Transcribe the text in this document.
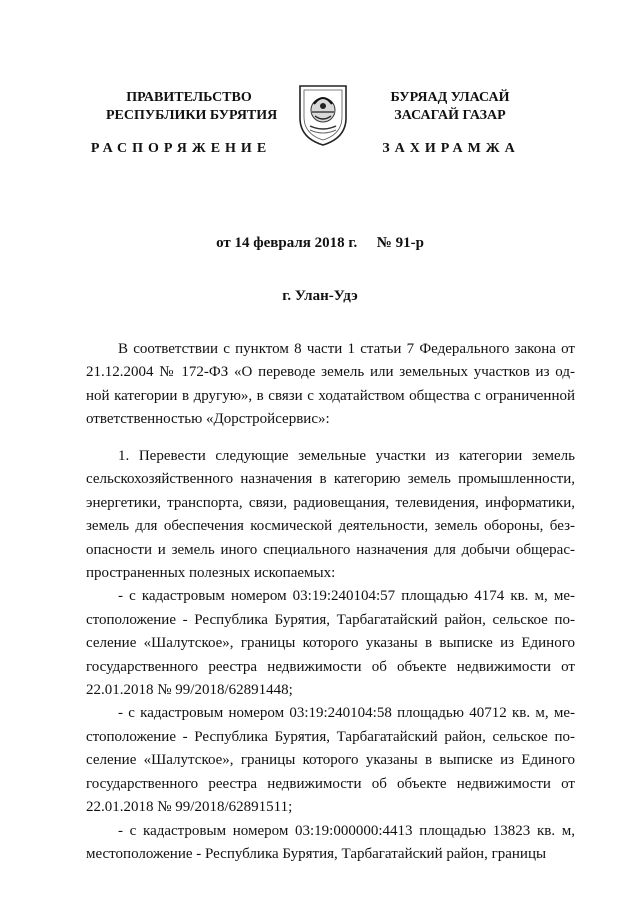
ПРАВИТЕЛЬСТВО
РЕСПУБЛИКИ БУРЯТИЯ
БУРЯАД УЛАСАЙ
ЗАСАГАЙ ГАЗАР
РАСПОРЯЖЕНИЕ	ЗАХИРАМЖА
от 14 февраля 2018 г. № 91-р
г. Улан-Удэ

В соответствии с пунктом 8 части 1 статьи 7 Федерального закона от 21.12.2004 № 172-ФЗ «О переводе земель или земельных участков из од- ной категории в другую», в связи с ходатайством общества с ограниченной ответственностью «Дорстройсервис»:

1. Перевести следующие земельные участки из категории земель сельскохозяйственного назначения в категорию земель промышленности, энергетики, транспорта, связи, радиовещания, телевидения, информатики, земель для обеспечения космической деятельности, земель обороны, без- опасности и земель иного специального назначения для добычи общерас- пространенных полезных ископаемых:

- с кадастровым номером 03:19:240104:57 площадью 4174 кв. м, ме- стоположение - Республика Бурятия, Тарбагатайский район, сельское по- селение «Шалутское», границы которого указаны в выписке из Единого государственного реестра недвижимости об объекте недвижимости от 22.01.2018 № 99/2018/62891448;

- с кадастровым номером 03:19:240104:58 площадью 40712 кв. м, ме- стоположение - Республика Бурятия, Тарбагатайский район, сельское по- селение «Шалутское», границы которого указаны в выписке из Единого государственного реестра недвижимости об объекте недвижимости от 22.01.2018 № 99/2018/62891511;

- с кадастровым номером 03:19:000000:4413 площадью 13823 кв. м, местоположение - Республика Бурятия, Тарбагатайский район, границы
